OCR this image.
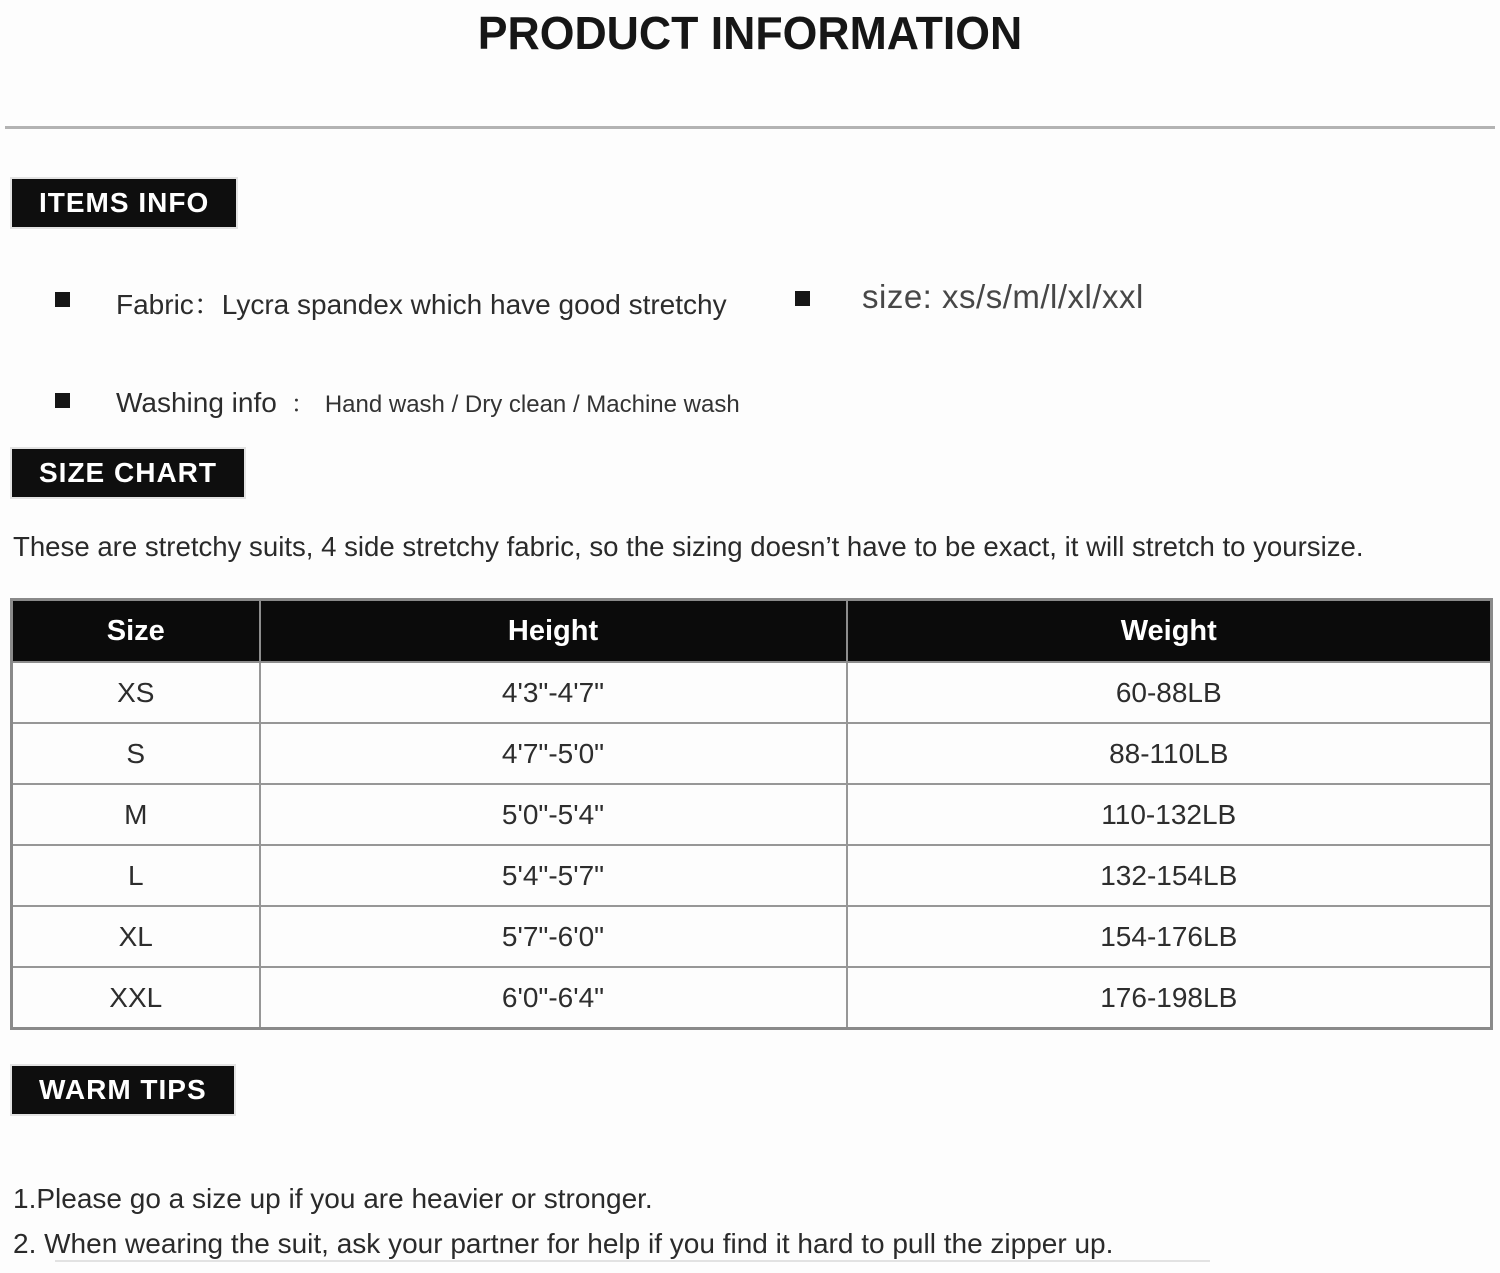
PRODUCT INFORMATION
ITEMS INFO
Fabric：Lycra spandex which have good stretchy	size: xs/s/m/l/xl/xxl
Washing info ： Hand wash / Dry clean / Machine wash
SIZE CHART

These are stretchy suits, 4 side stretchy fabric, so the sizing doesn’t have to be exact, it will stretch to yoursize.

Size	Height	Weight
XS	4'3"-4'7"	60-88LB
S	4'7"-5'0"	88-110LB
M	5'0"-5'4"	110-132LB
L	5'4"-5'7"	132-154LB
XL	5'7"-6'0"	154-176LB
XXL	6'0"-6'4"	176-198LB
WARM TIPS

1.Please go a size up if you are heavier or stronger.

2. When wearing the suit, ask your partner for help if you find it hard to pull the zipper up.
